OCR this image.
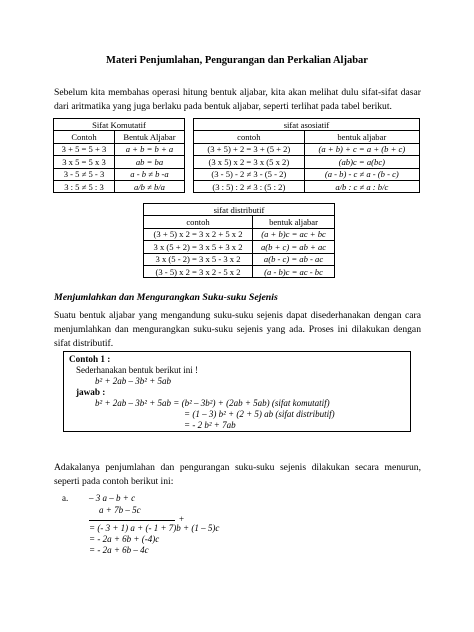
Materi Penjumlahan, Pengurangan dan Perkalian Aljabar
Sebelum kita membahas operasi hitung bentuk aljabar, kita akan melihat dulu sifat-sifat dasar dari aritmatika yang juga berlaku pada bentuk aljabar, seperti terlihat pada tabel berikut.
Sifat Komutatif	
Contoh	Bentuk Aljabar
3 + 5 = 5 + 3	a + b = b + a
3 x 5 = 5 x 3	ab = ba
3 - 5 ≠ 5 - 3	a - b ≠ b -a
3 : 5 ≠ 5 : 3	a/b ≠ b/a
sifat asosiatif	
contoh	bentuk aljabar
(3 + 5) + 2 = 3 + (5 + 2)	(a + b) + c = a + (b + c)
(3 x 5) x 2 = 3 x (5 x 2)	(ab)c = a(bc)
(3 - 5) - 2 ≠ 3 - (5 - 2)	(a - b) - c ≠ a - (b - c)
(3 : 5) : 2 ≠ 3 : (5 : 2)	a/b : c ≠ a : b/c
sifat distributif	
contoh	bentuk aljabar
(3 + 5) x 2 = 3 x 2 + 5 x 2	(a + b)c = ac + bc
3 x (5 + 2) = 3 x 5 + 3 x 2	a(b + c) = ab + ac
3 x (5 - 2) = 3 x 5 - 3 x 2	a(b - c) = ab - ac
(3 - 5) x 2 = 3 x 2 - 5 x 2	(a - b)c = ac - bc
Menjumlahkan dan Mengurangkan Suku-suku Sejenis
Suatu bentuk aljabar yang mengandung suku-suku sejenis dapat disederhanakan dengan cara menjumlahkan dan mengurangkan suku-suku sejenis yang ada. Proses ini dilakukan dengan sifat distributif.
Contoh 1 :
Sederhanakan bentuk berikut ini !
b² + 2ab – 3b² + 5ab
jawab :
b² + 2ab – 3b² + 5ab = (b² – 3b²) + (2ab + 5ab) (sifat komutatif)
= (1 – 3) b² + (2 + 5) ab (sifat distributif)
= - 2 b² + 7ab
Adakalanya penjumlahan dan pengurangan suku-suku sejenis dilakukan secara menurun, seperti pada contoh berikut ini:
a. – 3 a – b + c
a + 7b – 5c
+
= (- 3 + 1) a + (- 1 + 7)b + (1 – 5)c
= - 2a + 6b + (-4)c
= - 2a + 6b – 4c
